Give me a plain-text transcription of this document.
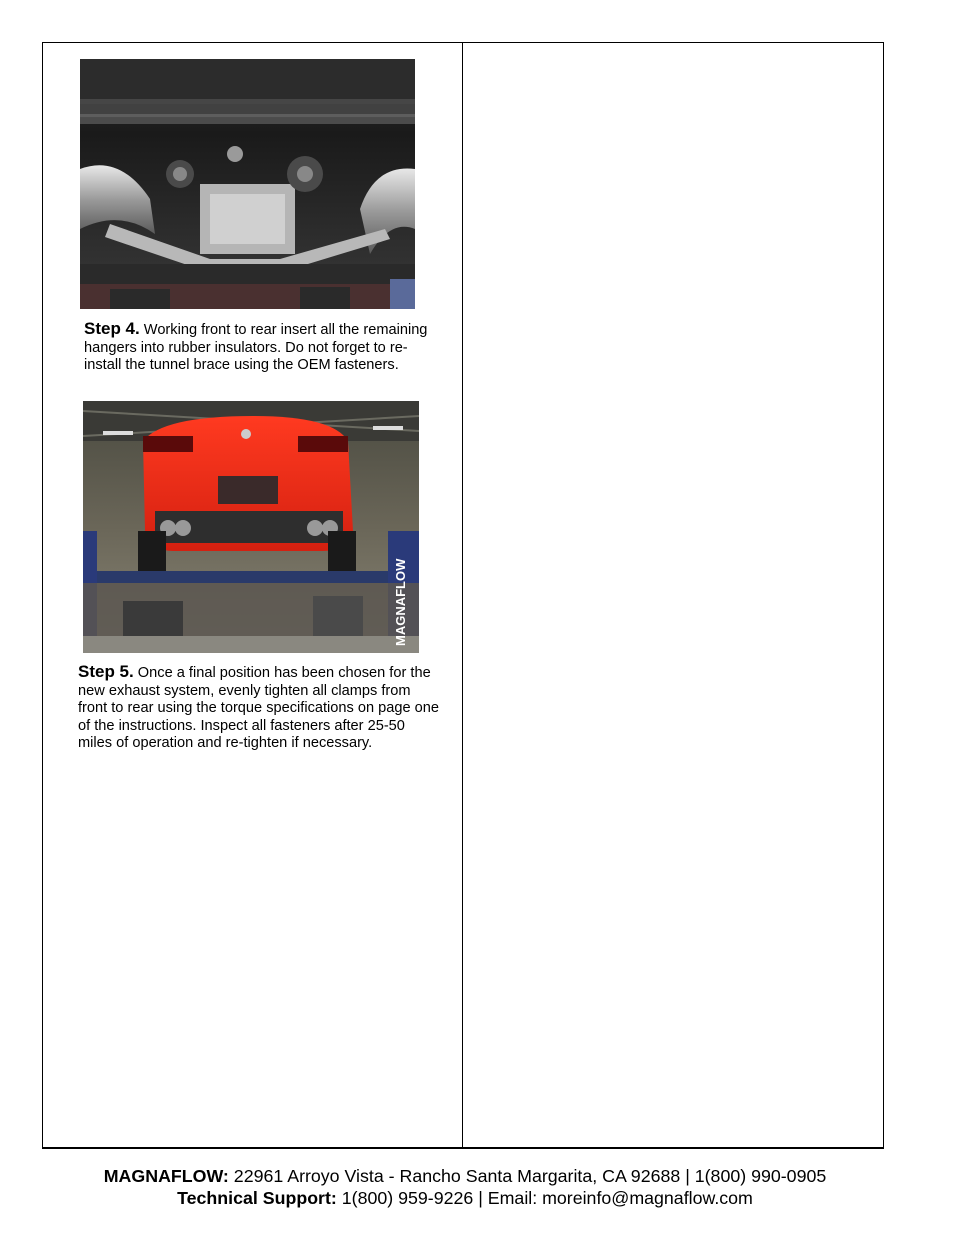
Step 4. Working front to rear insert all the remaining hangers into rubber insulators. Do not forget to re-install the tunnel brace using the OEM fasteners.
MAGNAFLOW
Step 5. Once a final position has been chosen for the new exhaust system, evenly tighten all clamps from front to rear using the torque specifications on page one of the instructions. Inspect all fasteners after 25-50 miles of operation and re-tighten if necessary.
MAGNAFLOW: 22961 Arroyo Vista - Rancho Santa Margarita, CA 92688 | 1(800) 990-0905
Technical Support: 1(800) 959-9226 | Email: moreinfo@magnaflow.com
